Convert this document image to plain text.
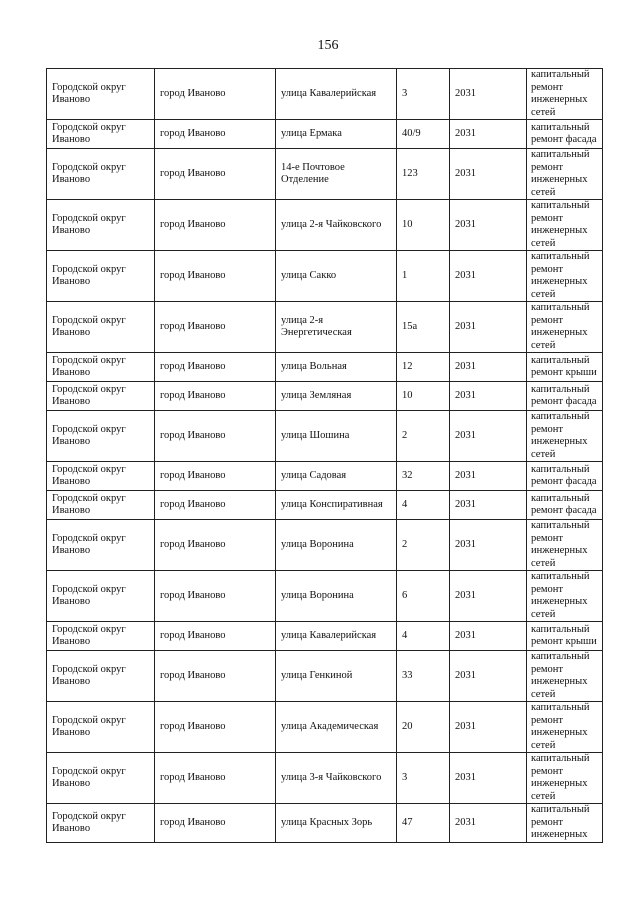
156
Городской округ Иваново	город Иваново	улица Кавалерийская	3	2031	капитальный ремонт инженерных сетей
Городской округ Иваново	город Иваново	улица Ермака	40/9	2031	капитальный ремонт фасада
Городской округ Иваново	город Иваново	14-е Почтовое Отделение	123	2031	капитальный ремонт инженерных сетей
Городской округ Иваново	город Иваново	улица 2-я Чайковского	10	2031	капитальный ремонт инженерных сетей
Городской округ Иваново	город Иваново	улица Сакко	1	2031	капитальный ремонт инженерных сетей
Городской округ Иваново	город Иваново	улица 2-я Энергетическая	15а	2031	капитальный ремонт инженерных сетей
Городской округ Иваново	город Иваново	улица Вольная	12	2031	капитальный ремонт крыши
Городской округ Иваново	город Иваново	улица Земляная	10	2031	капитальный ремонт фасада
Городской округ Иваново	город Иваново	улица Шошина	2	2031	капитальный ремонт инженерных сетей
Городской округ Иваново	город Иваново	улица Садовая	32	2031	капитальный ремонт фасада
Городской округ Иваново	город Иваново	улица Конспиративная	4	2031	капитальный ремонт фасада
Городской округ Иваново	город Иваново	улица Воронина	2	2031	капитальный ремонт инженерных сетей
Городской округ Иваново	город Иваново	улица Воронина	6	2031	капитальный ремонт инженерных сетей
Городской округ Иваново	город Иваново	улица Кавалерийская	4	2031	капитальный ремонт крыши
Городской округ Иваново	город Иваново	улица Генкиной	33	2031	капитальный ремонт инженерных сетей
Городской округ Иваново	город Иваново	улица Академическая	20	2031	капитальный ремонт инженерных сетей
Городской округ Иваново	город Иваново	улица 3-я Чайковского	3	2031	капитальный ремонт инженерных сетей
Городской округ Иваново	город Иваново	улица Красных Зорь	47	2031	капитальный ремонт инженерных
